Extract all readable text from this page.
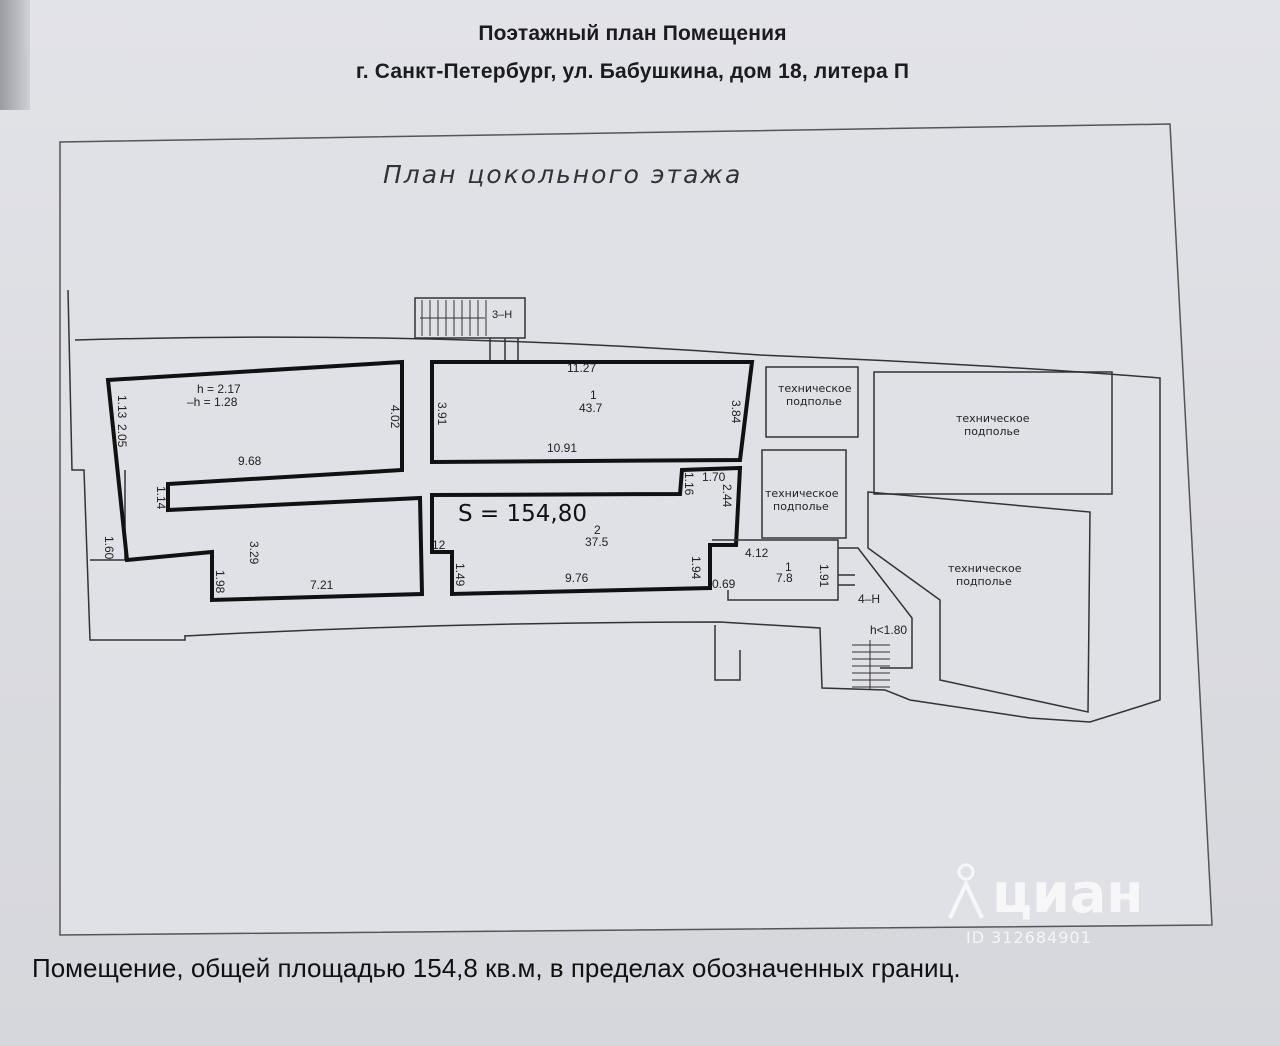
Поэтажный план Помещения
г. Санкт-Петербург, ул. Бабушкина, дом 18, литера П
План цокольного этажа
3–Н
h = 2.17
–h = 1.28
1.13
2.05
4.02
9.68
1.14
1.60	3.29
1.98	7.21
11.27
1
43.7
3.91	3.84
10.91
1.16 1.70
2.44
2
37.5
12
1.49	9.76	1.94
4.12
1
7.8
0.69	1.91
4–Н
h<1.80
техническое
подполье
техническое
подполье
техническое
подполье
техническое
подполье
S = 154,80
Помещение, общей площадью 154,8 кв.м, в пределах обозначенных границ.
циан
ID 312684901
